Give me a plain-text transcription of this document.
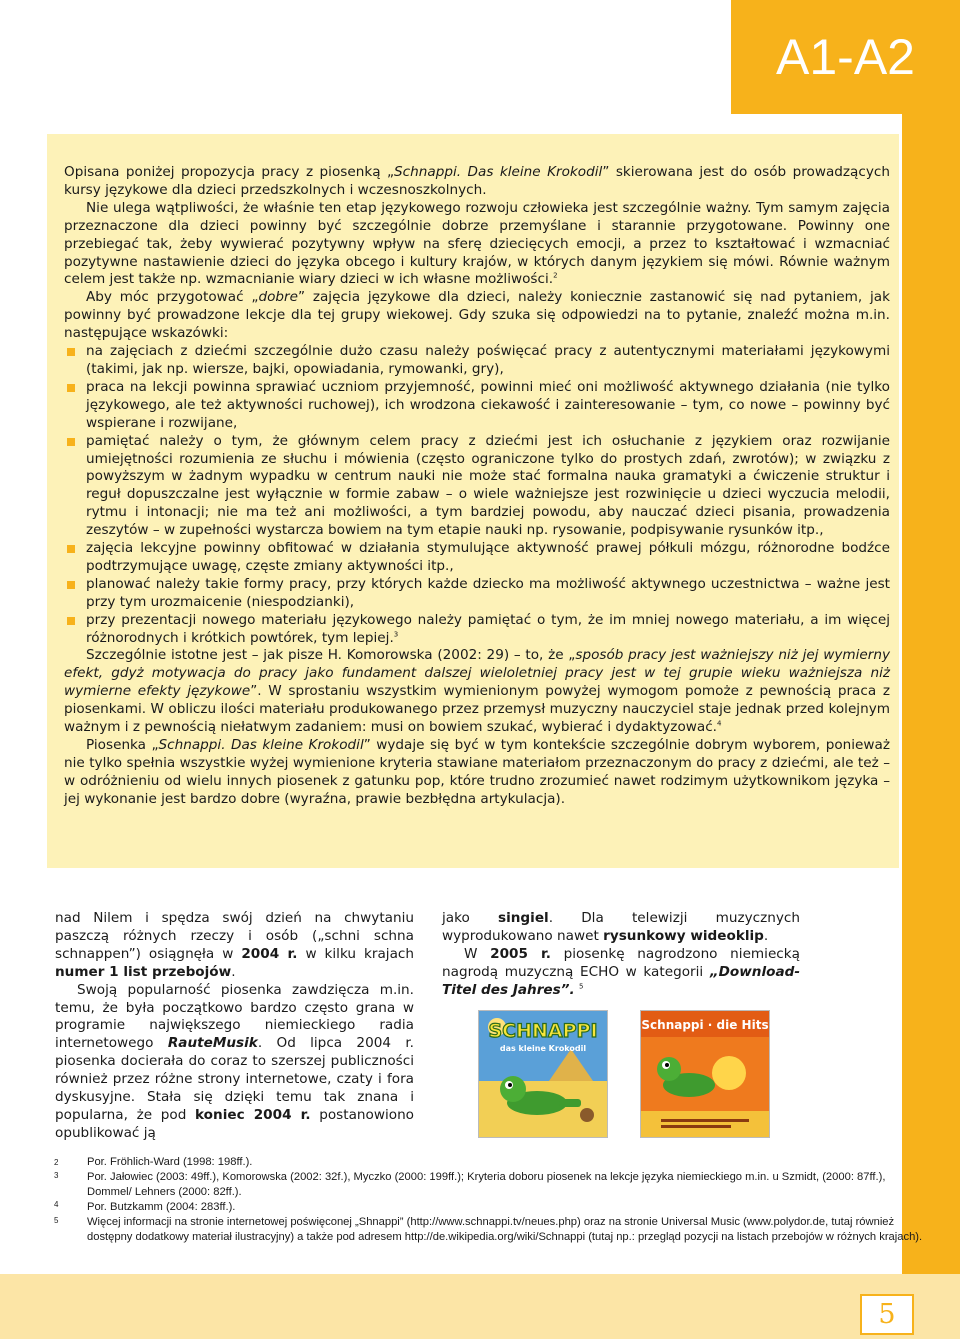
A1-A2

Opisana poniżej propozycja pracy z piosenką „Schnappi. Das kleine Krokodil” skierowana jest do osób prowadzących kursy językowe dla dzieci przedszkolnych i wczesnoszkolnych.

Nie ulega wątpliwości, że właśnie ten etap językowego rozwoju człowieka jest szczególnie ważny. Tym samym zajęcia przeznaczone dla dzieci powinny być szczególnie dobrze przemyślane i starannie przygotowane. Powinny one przebiegać tak, żeby wywierać pozytywny wpływ na sferę dziecięcych emocji, a przez to kształtować i wzmacniać pozytywne nastawienie dzieci do języka obcego i kultury krajów, w których danym językiem się mówi. Równie ważnym celem jest także np. wzmacnianie wiary dzieci w ich własne możliwości.$^2$

Aby móc przygotować „dobre” zajęcia językowe dla dzieci, należy koniecznie zastanowić się nad pytaniem, jak powinny być prowadzone lekcje dla tej grupy wiekowej. Gdy szuka się odpowiedzi na to pytanie, znaleźć można m.in. następujące wskazówki:

na zajęciach z dziećmi szczególnie dużo czasu należy poświęcać pracy z autentycznymi materiałami językowymi (takimi, jak np. wiersze, bajki, opowiadania, rymowanki, gry),
praca na lekcji powinna sprawiać uczniom przyjemność, powinni mieć oni możliwość aktywnego działania (nie tylko językowego, ale też aktywności ruchowej), ich wrodzona ciekawość i zainteresowanie – tym, co nowe – powinny być wspierane i rozwijane,
pamiętać należy o tym, że głównym celem pracy z dziećmi jest ich osłuchanie z językiem oraz rozwijanie umiejętności rozumienia ze słuchu i mówienia (często ograniczone tylko do prostych zdań, zwrotów); w związku z powyższym w żadnym wypadku w centrum nauki nie może stać formalna nauka gramatyki a ćwiczenie struktur i reguł dopuszczalne jest wyłącznie w formie zabaw – o wiele ważniejsze jest rozwinięcie u dzieci wyczucia melodii, rytmu i intonacji; nie ma też ani możliwości, a tym bardziej powodu, aby nauczać dzieci pisania, prowadzenia zeszytów – w zupełności wystarcza bowiem na tym etapie nauki np. rysowanie, podpisywanie rysunków itp.,
zajęcia lekcyjne powinny obfitować w działania stymulujące aktywność prawej półkuli mózgu, różnorodne bodźce podtrzymujące uwagę, częste zmiany aktywności itp.,
planować należy takie formy pracy, przy których każde dziecko ma możliwość aktywnego uczestnictwa – ważne jest przy tym urozmaicenie (niespodzianki),
przy prezentacji nowego materiału językowego należy pamiętać o tym, że im mniej nowego materiału, a im więcej różnorodnych i krótkich powtórek, tym lepiej.$^3$

Szczególnie istotne jest – jak pisze H. Komorowska (2002: 29) – to, że „sposób pracy jest ważniejszy niż jej wymierny efekt, gdyż motywacja do pracy jako fundament dalszej wieloletniej pracy jest w tej grupie wieku ważniejsza niż wymierne efekty językowe”. W sprostaniu wszystkim wymienionym powyżej wymogom pomoże z pewnością praca z piosenkami. W obliczu ilości materiału produkowanego przez przemysł muzyczny nauczyciel staje jednak przed kolejnym ważnym i z pewnością niełatwym zadaniem: musi on bowiem szukać, wybierać i dydaktyzować.$^4$

Piosenka „Schnappi. Das kleine Krokodil” wydaje się być w tym kontekście szczególnie dobrym wyborem, ponieważ nie tylko spełnia wszystkie wyżej wymienione kryteria stawiane materiałom przeznaczonym do pracy z dziećmi, ale też – w odróżnieniu od wielu innych piosenek z gatunku pop, które trudno zrozumieć nawet rodzimym użytkownikom języka – jej wykonanie jest bardzo dobre (wyraźna, prawie bezbłędna artykulacja).

nad Nilem i spędza swój dzień na chwytaniu paszczą różnych rzeczy i osób („schni schna schnappen”) osiągnęła w 2004 r. w kilku krajach numer 1 list przebojów.

Swoją popularność piosenka zawdzięcza m.in. temu, że była początkowo bardzo często grana w programie największego niemieckiego radia internetowego RauteMusik. Od lipca 2004 r. piosenka docierała do coraz to szerszej publiczności również przez różne strony internetowe, czaty i fora dyskusyjne. Stała się dzięki temu tak znana i popularna, że pod koniec 2004 r. postanowiono opublikować ją

jako singiel. Dla telewizji muzycznych wyprodukowano nawet rysunkowy wideoklip.

W 2005 r. piosenkę nagrodzono niemiecką nagrodą muzyczną ECHO w kategorii „Download-Titel des Jahres”. $^5$

SCHNAPPI
das kleine Krokodil
Schnappi · die Hits
2
3
4
5

Por. Fröhlich-Ward (1998: 198ff.).

Por. Jałowiec (2003: 49ff.), Komorowska (2002: 32f.), Myczko (2000: 199ff.); Kryteria doboru piosenek na lekcje języka niemieckiego m.in. u Szmidt, (2000: 87ff.), Dommel/ Lehners (2000: 82ff.).

Por. Butzkamm (2004: 283ff.).

Więcej informacji na stronie internetowej poświęconej „Shnappi” (http://www.schnappi.tv/neues.php) oraz na stronie Universal Music (www.polydor.de, tutaj również dostępny dodatkowy materiał ilustracyjny) a także pod adresem http://de.wikipedia.org/wiki/Schnappi (tutaj np.: przegląd pozycji na listach przebojów w różnych krajach).

5
